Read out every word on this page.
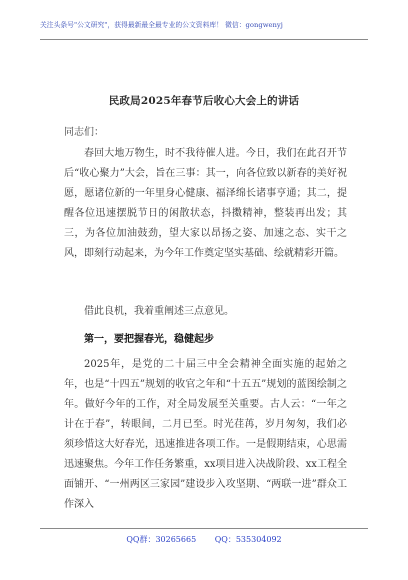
关注头条号"公文研究"，获得最新最全最专业的公文资料库！ 微信：gongwenyj
民政局2025年春节后收心大会上的讲话
同志们：

春回大地万物生，时不我待催人进。今日，我们在此召开节后“收心聚力”大会，旨在三事：其一，向各位致以新春的美好祝愿，愿诸位新的一年里身心健康、福泽绵长诸事亨通；其二，提醒各位迅速摆脱节日的闲散状态，抖擞精神，整装再出发；其三，为各位加油鼓劲，望大家以昂扬之姿、加速之态、实干之风，即刻行动起来，为今年工作奠定坚实基础、绘就精彩开篇。

借此良机，我着重阐述三点意见。

第一，要把握春光，稳健起步

2025年，是党的二十届三中全会精神全面实施的起始之年，也是“十四五”规划的收官之年和“十五五”规划的蓝图绘制之年。做好今年的工作，对全局发展至关重要。古人云：“一年之计在于春”，转眼间，二月已至。时光荏苒，岁月匆匆，我们必须珍惜这大好春光，迅速推进各项工作。一是假期结束，心思需迅速聚焦。今年工作任务繁重，xx项目进入决战阶段、xx工程全面铺开、“一州两区三家园”建设步入攻坚期、“两联一进”群众工作深入

QQ群：30265665 QQ：535304092
